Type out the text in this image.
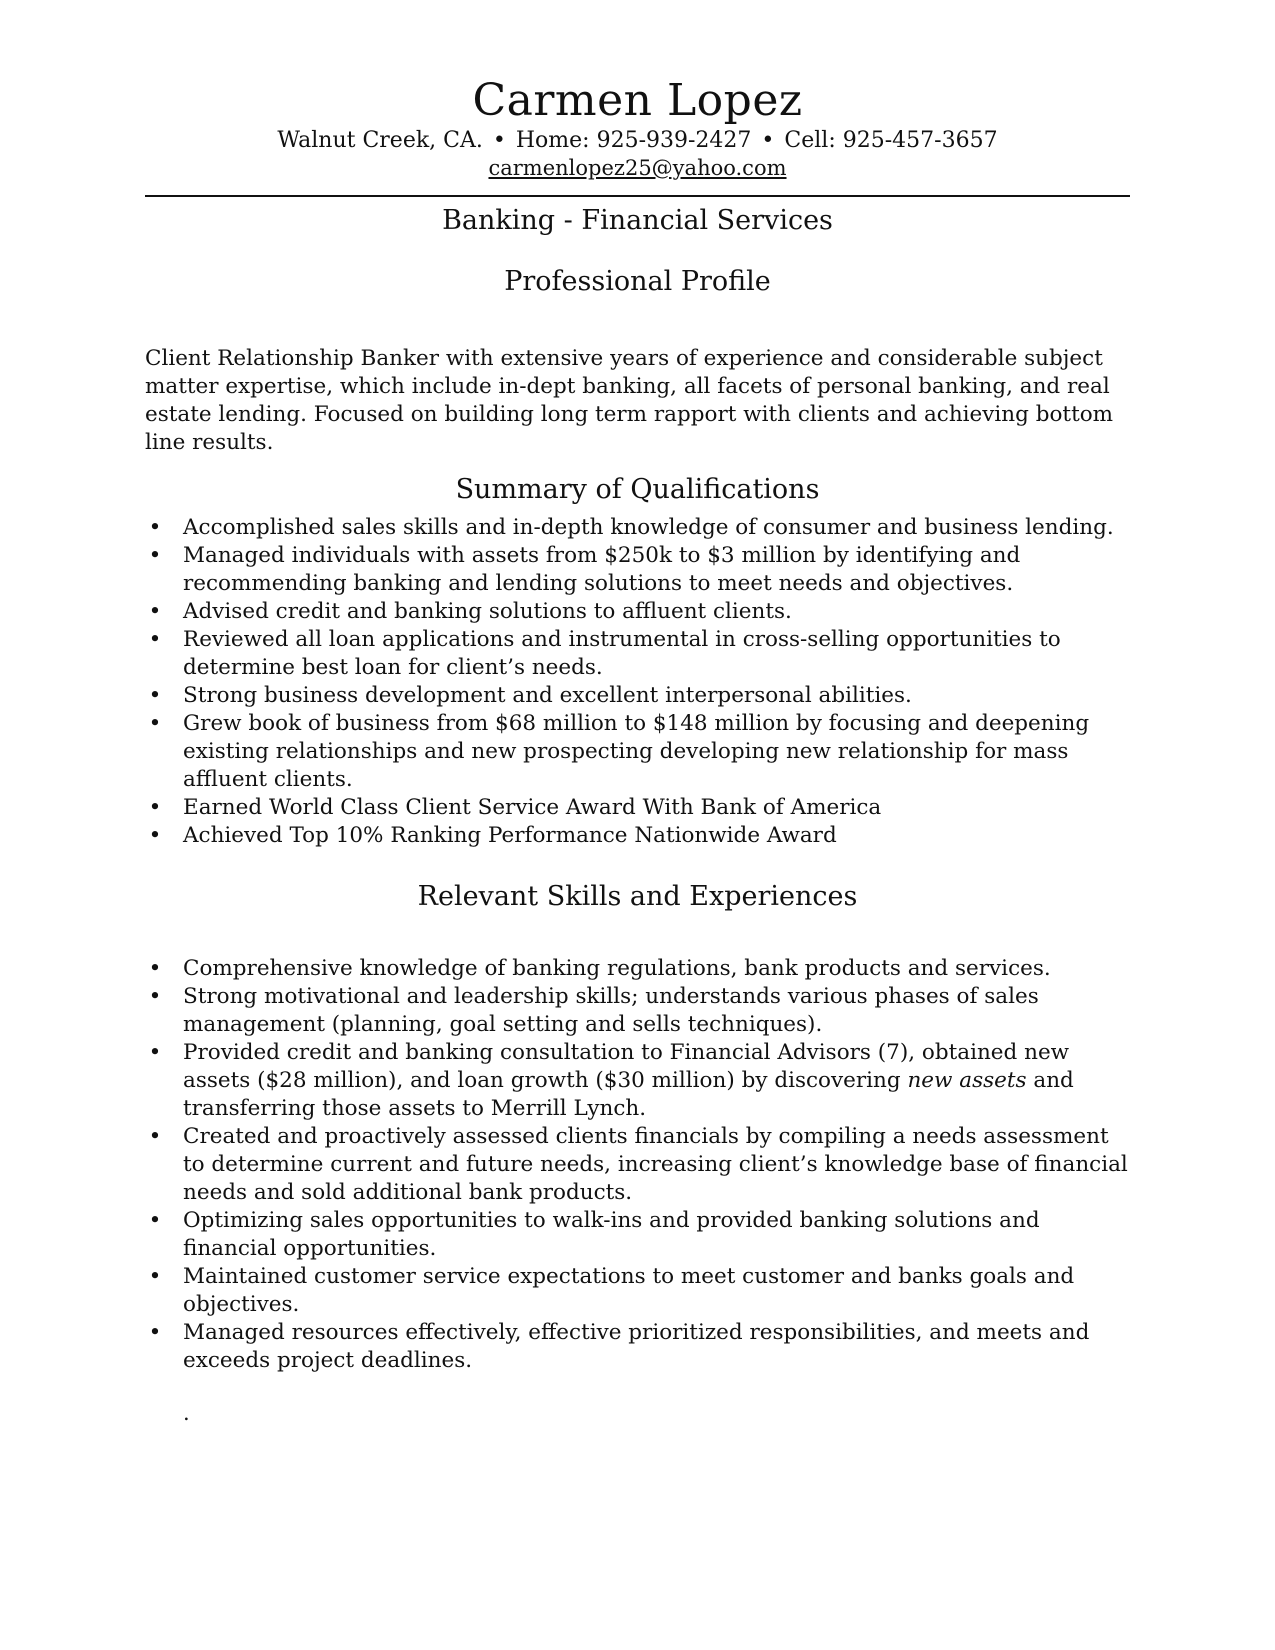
Carmen Lopez
Walnut Creek, CA. • Home: 925-939-2427 • Cell: 925-457-3657
carmenlopez25@yahoo.com
Banking - Financial Services
Professional Profile
Client Relationship Banker with extensive years of experience and considerable subject matter expertise, which include in-dept banking, all facets of personal banking, and real estate lending. Focused on building long term rapport with clients and achieving bottom line results.
Summary of Qualifications
• Accomplished sales skills and in-depth knowledge of consumer and business lending.
• Managed individuals with assets from $250k to $3 million by identifying and recommending banking and lending solutions to meet needs and objectives.
• Advised credit and banking solutions to affluent clients.
• Reviewed all loan applications and instrumental in cross-selling opportunities to determine best loan for client’s needs.
• Strong business development and excellent interpersonal abilities.
• Grew book of business from $68 million to $148 million by focusing and deepening existing relationships and new prospecting developing new relationship for mass affluent clients.
• Earned World Class Client Service Award With Bank of America
• Achieved Top 10% Ranking Performance Nationwide Award
Relevant Skills and Experiences
• Comprehensive knowledge of banking regulations, bank products and services.
• Strong motivational and leadership skills; understands various phases of sales management (planning, goal setting and sells techniques).
• Provided credit and banking consultation to Financial Advisors (7), obtained new assets ($28 million), and loan growth ($30 million) by discovering new assets and transferring those assets to Merrill Lynch.
• Created and proactively assessed clients financials by compiling a needs assessment to determine current and future needs, increasing client’s knowledge base of financial needs and sold additional bank products.
• Optimizing sales opportunities to walk-ins and provided banking solutions and financial opportunities.
• Maintained customer service expectations to meet customer and banks goals and objectives.
• Managed resources effectively, effective prioritized responsibilities, and meets and exceeds project deadlines.
.
